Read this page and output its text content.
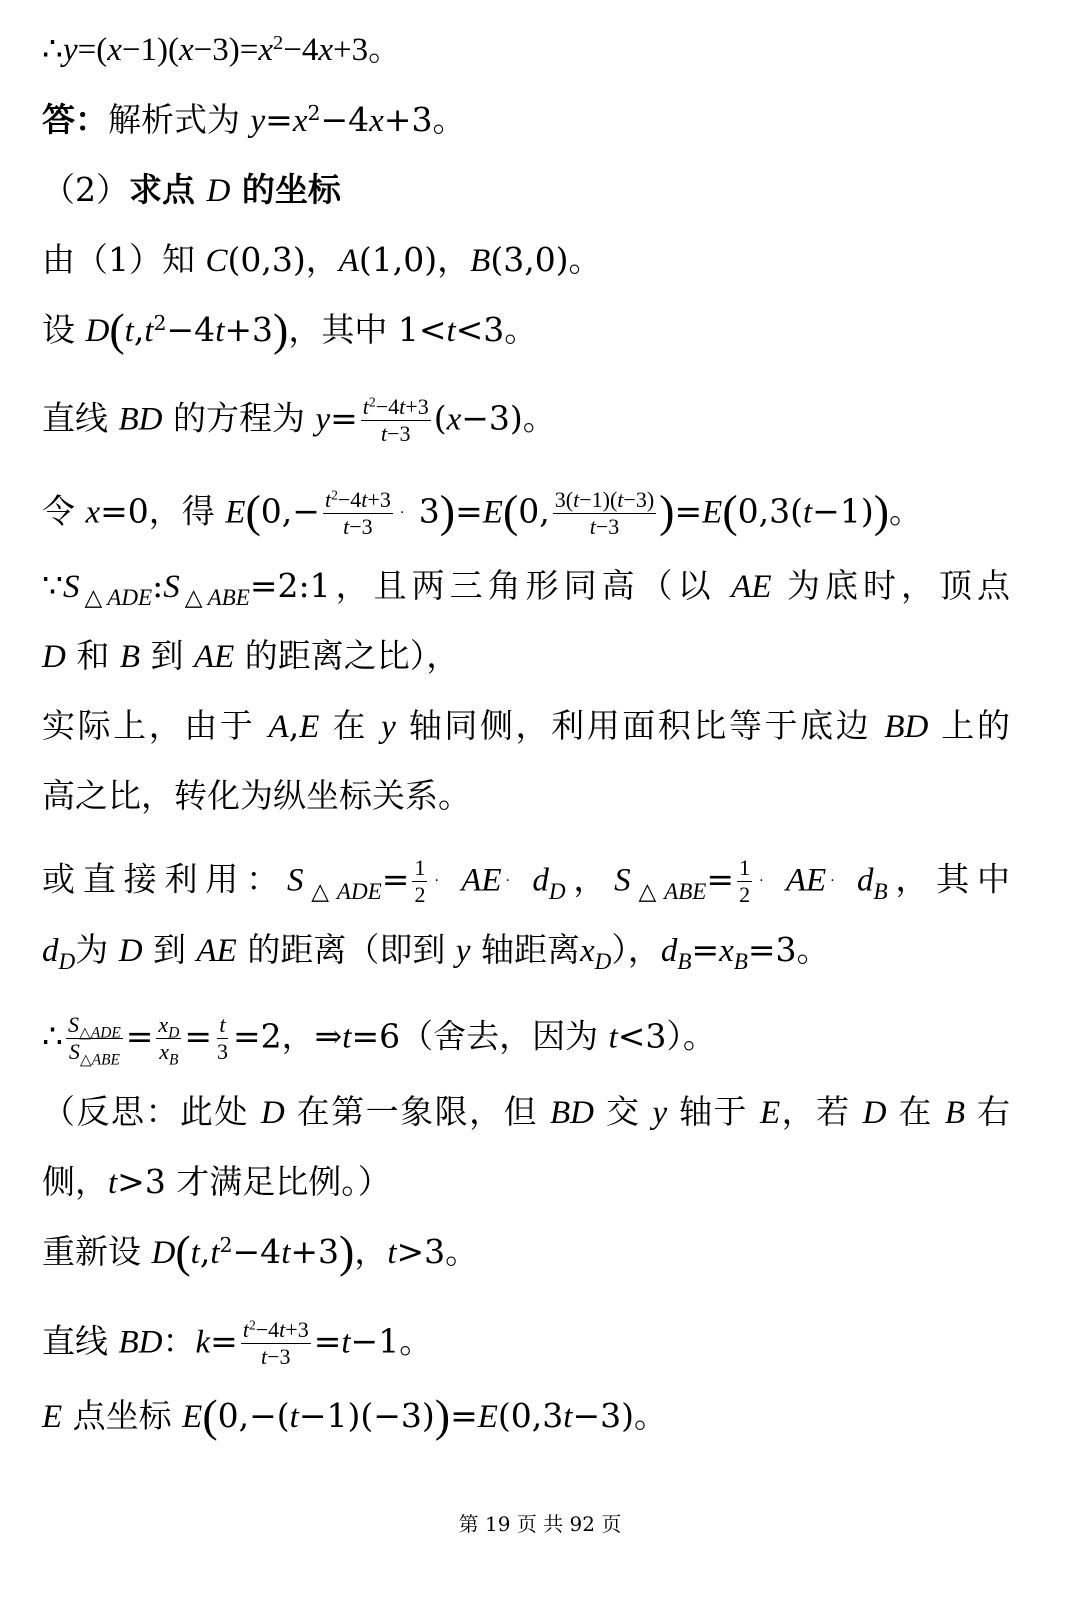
$\therefore y=(x-1)(x-3)=x^2-4x+3$。
答：解析式为 $y=x^2-4x+3$。
（2）求点 D 的坐标
由（1）知 C(0,3)，A(1,0)，B(3,0)。
设 $D(t,t^2-4t+3)$，其中 1<t<3。
直线 BD 的方程为 $y= \frac{t^2-4t+3}{t-3} (x-3)$。
令 x=0，得 $E(0,- \frac{t^2-4t+3}{t-3} \cdot 3)=E(0$, $\frac{3(t-1)(t-3)}{t-3} )=E(0,3(t-1))$。
$\because S_{\triangle ADE}:S_{\triangle ABE}=2:1$，且两三角形同高（以 AE 为底时，顶点
D 和 B 到 AE 的距离之比），
实际上，由于 A,E 在 y 轴同侧，利用面积比等于底边 BD 上的
高之比，转化为纵坐标关系。
或直接利用：$S_{\triangle ADE}= \frac{1}{2}$ · AE · $d_D$，$S_{\triangle ABE}= \frac{1}{2}$ · AE · $d_B$，其中
$d_D$为 D 到 AE 的距离（即到 y 轴距离$x_D$），$d_B=x_B=3$。
∴ $\frac{S_{\triangle ADE}}{S_{\triangle ABE}} = \frac{x_D}{x_B} = \frac{t}{3} =2$，⇒t=6（舍去，因为 t<3）。
（反思：此处 D 在第一象限，但 BD 交 y 轴于 E，若 D 在 B 右
侧，t>3 才满足比例。）
重新设 $D(t,t^2-4t+3)$，t>3。
直线 BD：$k= \frac{t^2-4t+3}{t-3} =t-1$。
E 点坐标 E(0,−(t−1)(−3))=E(0,3t−3)。
第 19 页 共 92 页
